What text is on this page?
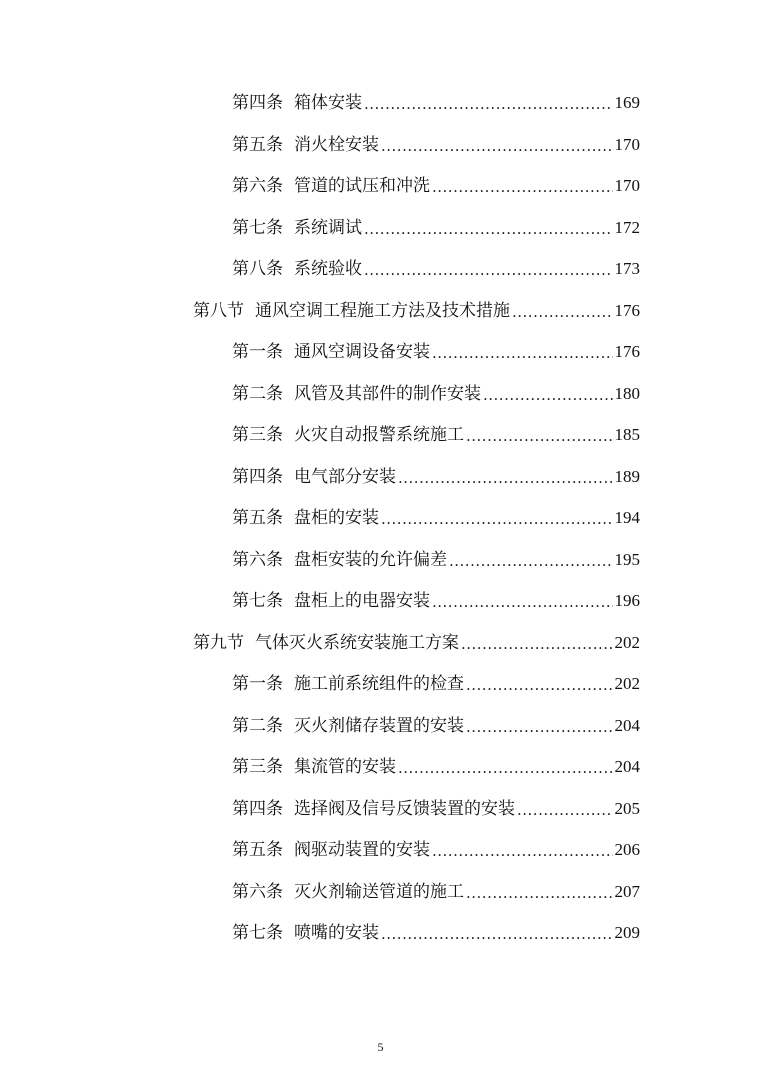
第四条 箱体安装 .....	169
第五条 消火栓安装 .....	170
第六条 管道的试压和冲洗 .....	170
第七条 系统调试 .....	172
第八条 系统验收 .....	173
第八节 通风空调工程施工方法及技术措施 .....	176
第一条 通风空调设备安装 .....	176
第二条 风管及其部件的制作安装 .....	180
第三条 火灾自动报警系统施工 .....	185
第四条 电气部分安装 .....	189
第五条 盘柜的安装 .....	194
第六条 盘柜安装的允许偏差 .....	195
第七条 盘柜上的电器安装 .....	196
第九节 气体灭火系统安装施工方案 .....	202
第一条 施工前系统组件的检查 .....	202
第二条 灭火剂储存装置的安装 .....	204
第三条 集流管的安装 .....	204
第四条 选择阀及信号反馈装置的安装 .....	205
第五条 阀驱动装置的安装 .....	206
第六条 灭火剂输送管道的施工 .....	207
第七条 喷嘴的安装 .....	209
5
